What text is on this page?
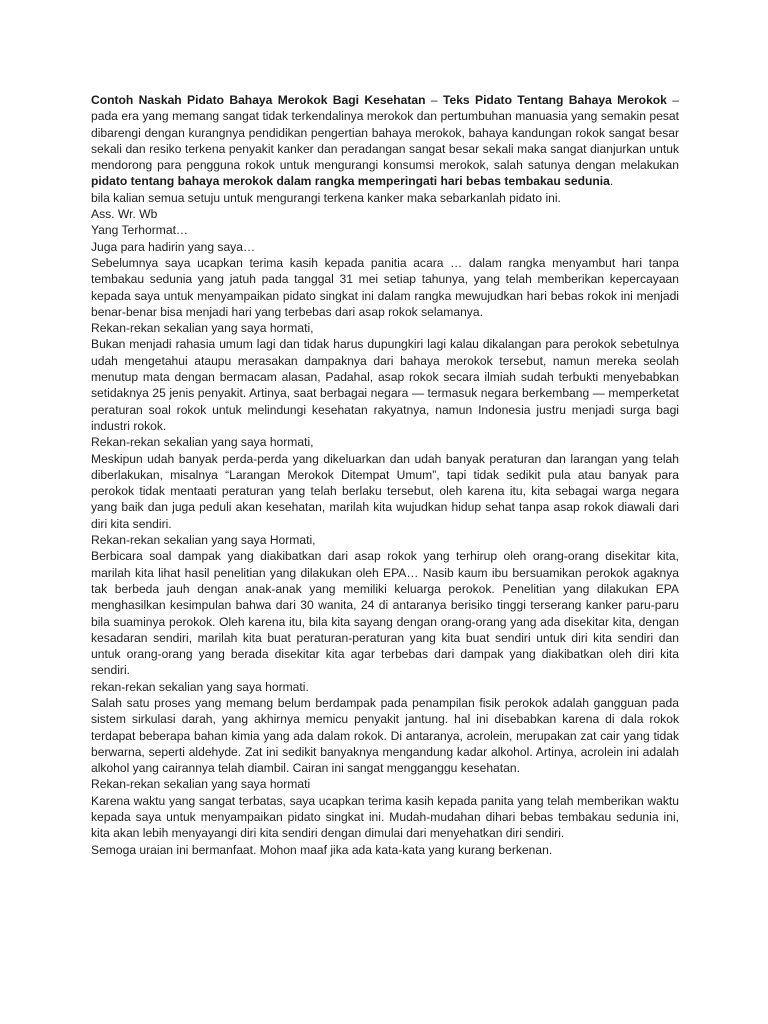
Contoh Naskah Pidato Bahaya Merokok Bagi Kesehatan – Teks Pidato Tentang Bahaya Merokok – pada era yang memang sangat tidak terkendalinya merokok dan pertumbuhan manuasia yang semakin pesat dibarengi dengan kurangnya pendidikan pengertian bahaya merokok, bahaya kandungan rokok sangat besar sekali dan resiko terkena penyakit kanker dan peradangan sangat besar sekali maka sangat dianjurkan untuk mendorong para pengguna rokok untuk mengurangi konsumsi merokok, salah satunya dengan melakukan pidato tentang bahaya merokok dalam rangka memperingati hari bebas tembakau sedunia.

bila kalian semua setuju untuk mengurangi terkena kanker maka sebarkanlah pidato ini.

Ass. Wr. Wb

Yang Terhormat…

Juga para hadirin yang saya…

Sebelumnya saya ucapkan terima kasih kepada panitia acara … dalam rangka menyambut hari tanpa tembakau sedunia yang jatuh pada tanggal 31 mei setiap tahunya, yang telah memberikan kepercayaan kepada saya untuk menyampaikan pidato singkat ini dalam rangka mewujudkan hari bebas rokok ini menjadi benar-benar bisa menjadi hari yang terbebas dari asap rokok selamanya.

Rekan-rekan sekalian yang saya hormati,

Bukan menjadi rahasia umum lagi dan tidak harus dupungkiri lagi kalau dikalangan para perokok sebetulnya udah mengetahui ataupu merasakan dampaknya dari bahaya merokok tersebut, namun mereka seolah menutup mata dengan bermacam alasan, Padahal, asap rokok secara ilmiah sudah terbukti menyebabkan setidaknya 25 jenis penyakit. Artinya, saat berbagai negara — termasuk negara berkembang — memperketat peraturan soal rokok untuk melindungi kesehatan rakyatnya, namun Indonesia justru menjadi surga bagi industri rokok.

Rekan-rekan sekalian yang saya hormati,

Meskipun udah banyak perda-perda yang dikeluarkan dan udah banyak peraturan dan larangan yang telah diberlakukan, misalnya “Larangan Merokok Ditempat Umum”, tapi tidak sedikit pula atau banyak para perokok tidak mentaati peraturan yang telah berlaku tersebut, oleh karena itu, kita sebagai warga negara yang baik dan juga peduli akan kesehatan, marilah kita wujudkan hidup sehat tanpa asap rokok diawali dari diri kita sendiri.

Rekan-rekan sekalian yang saya Hormati,

Berbicara soal dampak yang diakibatkan dari asap rokok yang terhirup oleh orang-orang disekitar kita, marilah kita lihat hasil penelitian yang dilakukan oleh EPA… Nasib kaum ibu bersuamikan perokok agaknya tak berbeda jauh dengan anak-anak yang memiliki keluarga perokok. Penelitian yang dilakukan EPA menghasilkan kesimpulan bahwa dari 30 wanita, 24 di antaranya berisiko tinggi terserang kanker paru-paru bila suaminya perokok. Oleh karena itu, bila kita sayang dengan orang-orang yang ada disekitar kita, dengan kesadaran sendiri, marilah kita buat peraturan-peraturan yang kita buat sendiri untuk diri kita sendiri dan untuk orang-orang yang berada disekitar kita agar terbebas dari dampak yang diakibatkan oleh diri kita sendiri.

rekan-rekan sekalian yang saya hormati.

Salah satu proses yang memang belum berdampak pada penampilan fisik perokok adalah gangguan pada sistem sirkulasi darah, yang akhirnya memicu penyakit jantung. hal ini disebabkan karena di dala rokok terdapat beberapa bahan kimia yang ada dalam rokok. Di antaranya, acrolein, merupakan zat cair yang tidak berwarna, seperti aldehyde. Zat ini sedikit banyaknya mengandung kadar alkohol. Artinya, acrolein ini adalah alkohol yang cairannya telah diambil. Cairan ini sangat mengganggu kesehatan.

Rekan-rekan sekalian yang saya hormati

Karena waktu yang sangat terbatas, saya ucapkan terima kasih kepada panita yang telah memberikan waktu kepada saya untuk menyampaikan pidato singkat ini. Mudah-mudahan dihari bebas tembakau sedunia ini, kita akan lebih menyayangi diri kita sendiri dengan dimulai dari menyehatkan diri sendiri.

Semoga uraian ini bermanfaat. Mohon maaf jika ada kata-kata yang kurang berkenan.
